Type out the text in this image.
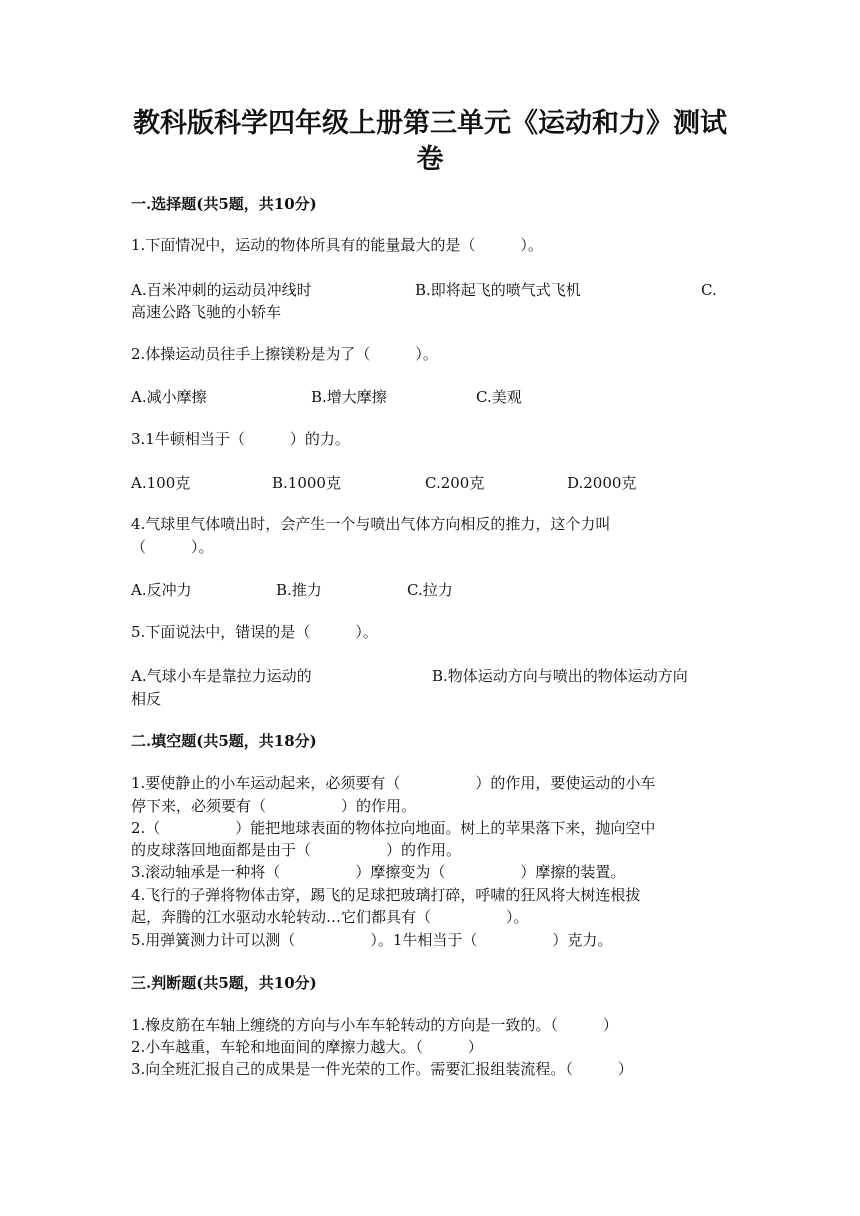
教科版科学四年级上册第三单元《运动和力》测试
卷
一.选择题(共5题，共10分)
1.下面情况中，运动的物体所具有的能量最大的是（　　　）。
A.百米冲刺的运动员冲线时	B.即将起飞的喷气式飞机	C.
高速公路飞驰的小轿车
2.体操运动员往手上擦镁粉是为了（　　　）。
A.减小摩擦	B.增大摩擦	C.美观
3.1牛顿相当于（　　　）的力。
A.100克	B.1000克	C.200克	D.2000克
4.气球里气体喷出时，会产生一个与喷出气体方向相反的推力，这个力叫
（　　　）。
A.反冲力	B.推力	C.拉力
5.下面说法中，错误的是（　　　）。
A.气球小车是靠拉力运动的	B.物体运动方向与喷出的物体运动方向
相反
二.填空题(共5题，共18分)
1.要使静止的小车运动起来，必须要有（　　　　　）的作用，要使运动的小车
停下来，必须要有（　　　　　）的作用。
2.（　　　　　）能把地球表面的物体拉向地面。树上的苹果落下来，抛向空中
的皮球落回地面都是由于（　　　　　）的作用。
3.滚动轴承是一种将（　　　　　）摩擦变为（　　　　　）摩擦的装置。
4.飞行的子弹将物体击穿，踢飞的足球把玻璃打碎，呼啸的狂风将大树连根拔
起，奔腾的江水驱动水轮转动…它们都具有（　　　　　）。
5.用弹簧测力计可以测（　　　　　）。1牛相当于（　　　　　）克力。
三.判断题(共5题，共10分)
1.橡皮筋在车轴上缠绕的方向与小车车轮转动的方向是一致的。（　　　）
2.小车越重，车轮和地面间的摩擦力越大。（　　　）
3.向全班汇报自己的成果是一件光荣的工作。需要汇报组装流程。（　　　）
